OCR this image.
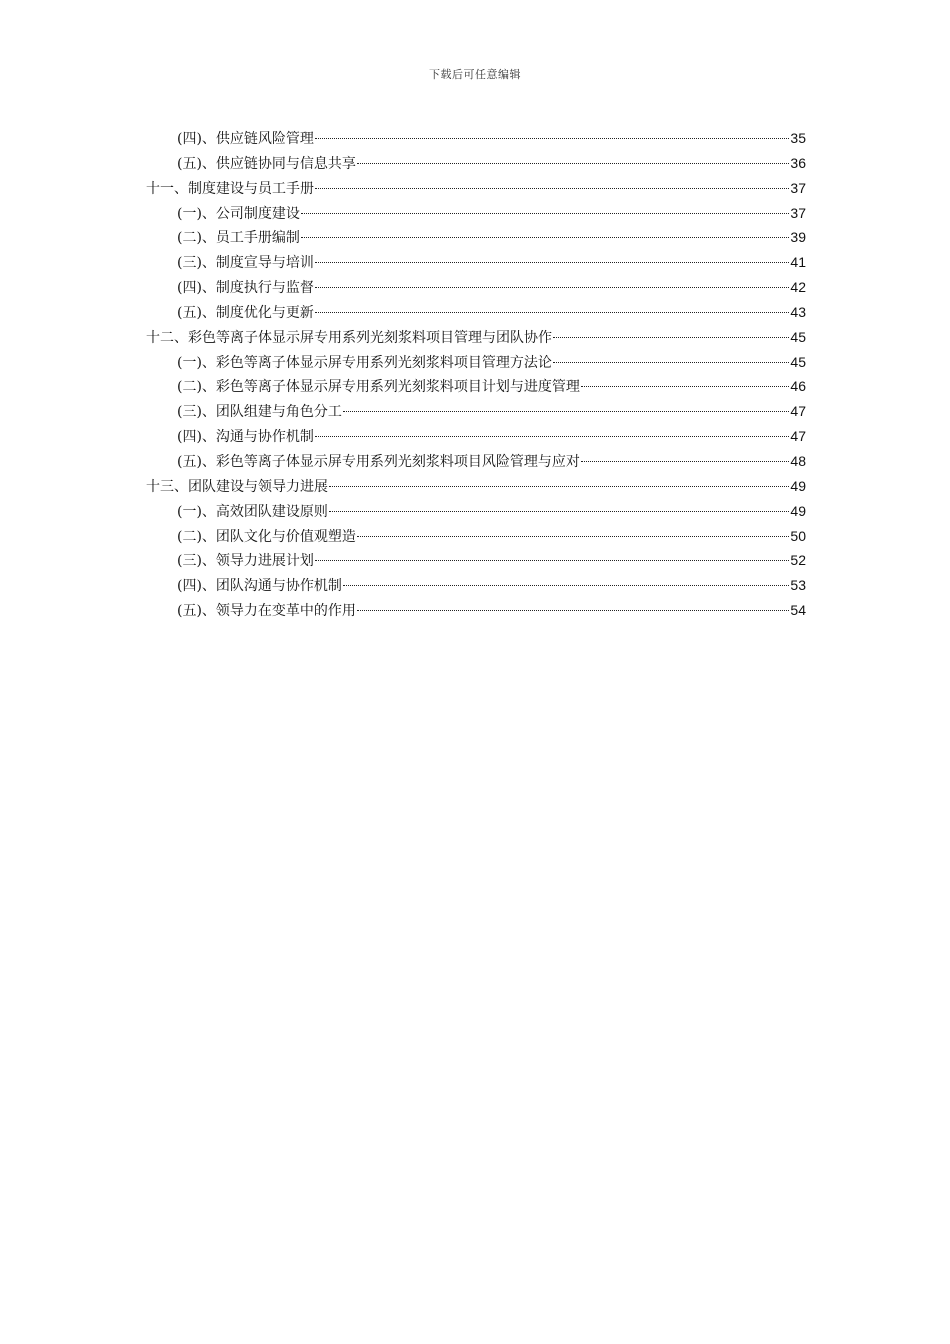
下载后可任意编辑
(四)、供应链风险管理	35
(五)、供应链协同与信息共享	36
十一、制度建设与员工手册	37
(一)、公司制度建设	37
(二)、员工手册编制	39
(三)、制度宣导与培训	41
(四)、制度执行与监督	42
(五)、制度优化与更新	43
十二、彩色等离子体显示屏专用系列光刻浆料项目管理与团队协作	45
(一)、彩色等离子体显示屏专用系列光刻浆料项目管理方法论	45
(二)、彩色等离子体显示屏专用系列光刻浆料项目计划与进度管理	46
(三)、团队组建与角色分工	47
(四)、沟通与协作机制	47
(五)、彩色等离子体显示屏专用系列光刻浆料项目风险管理与应对	48
十三、团队建设与领导力进展	49
(一)、高效团队建设原则	49
(二)、团队文化与价值观塑造	50
(三)、领导力进展计划	52
(四)、团队沟通与协作机制	53
(五)、领导力在变革中的作用	54
